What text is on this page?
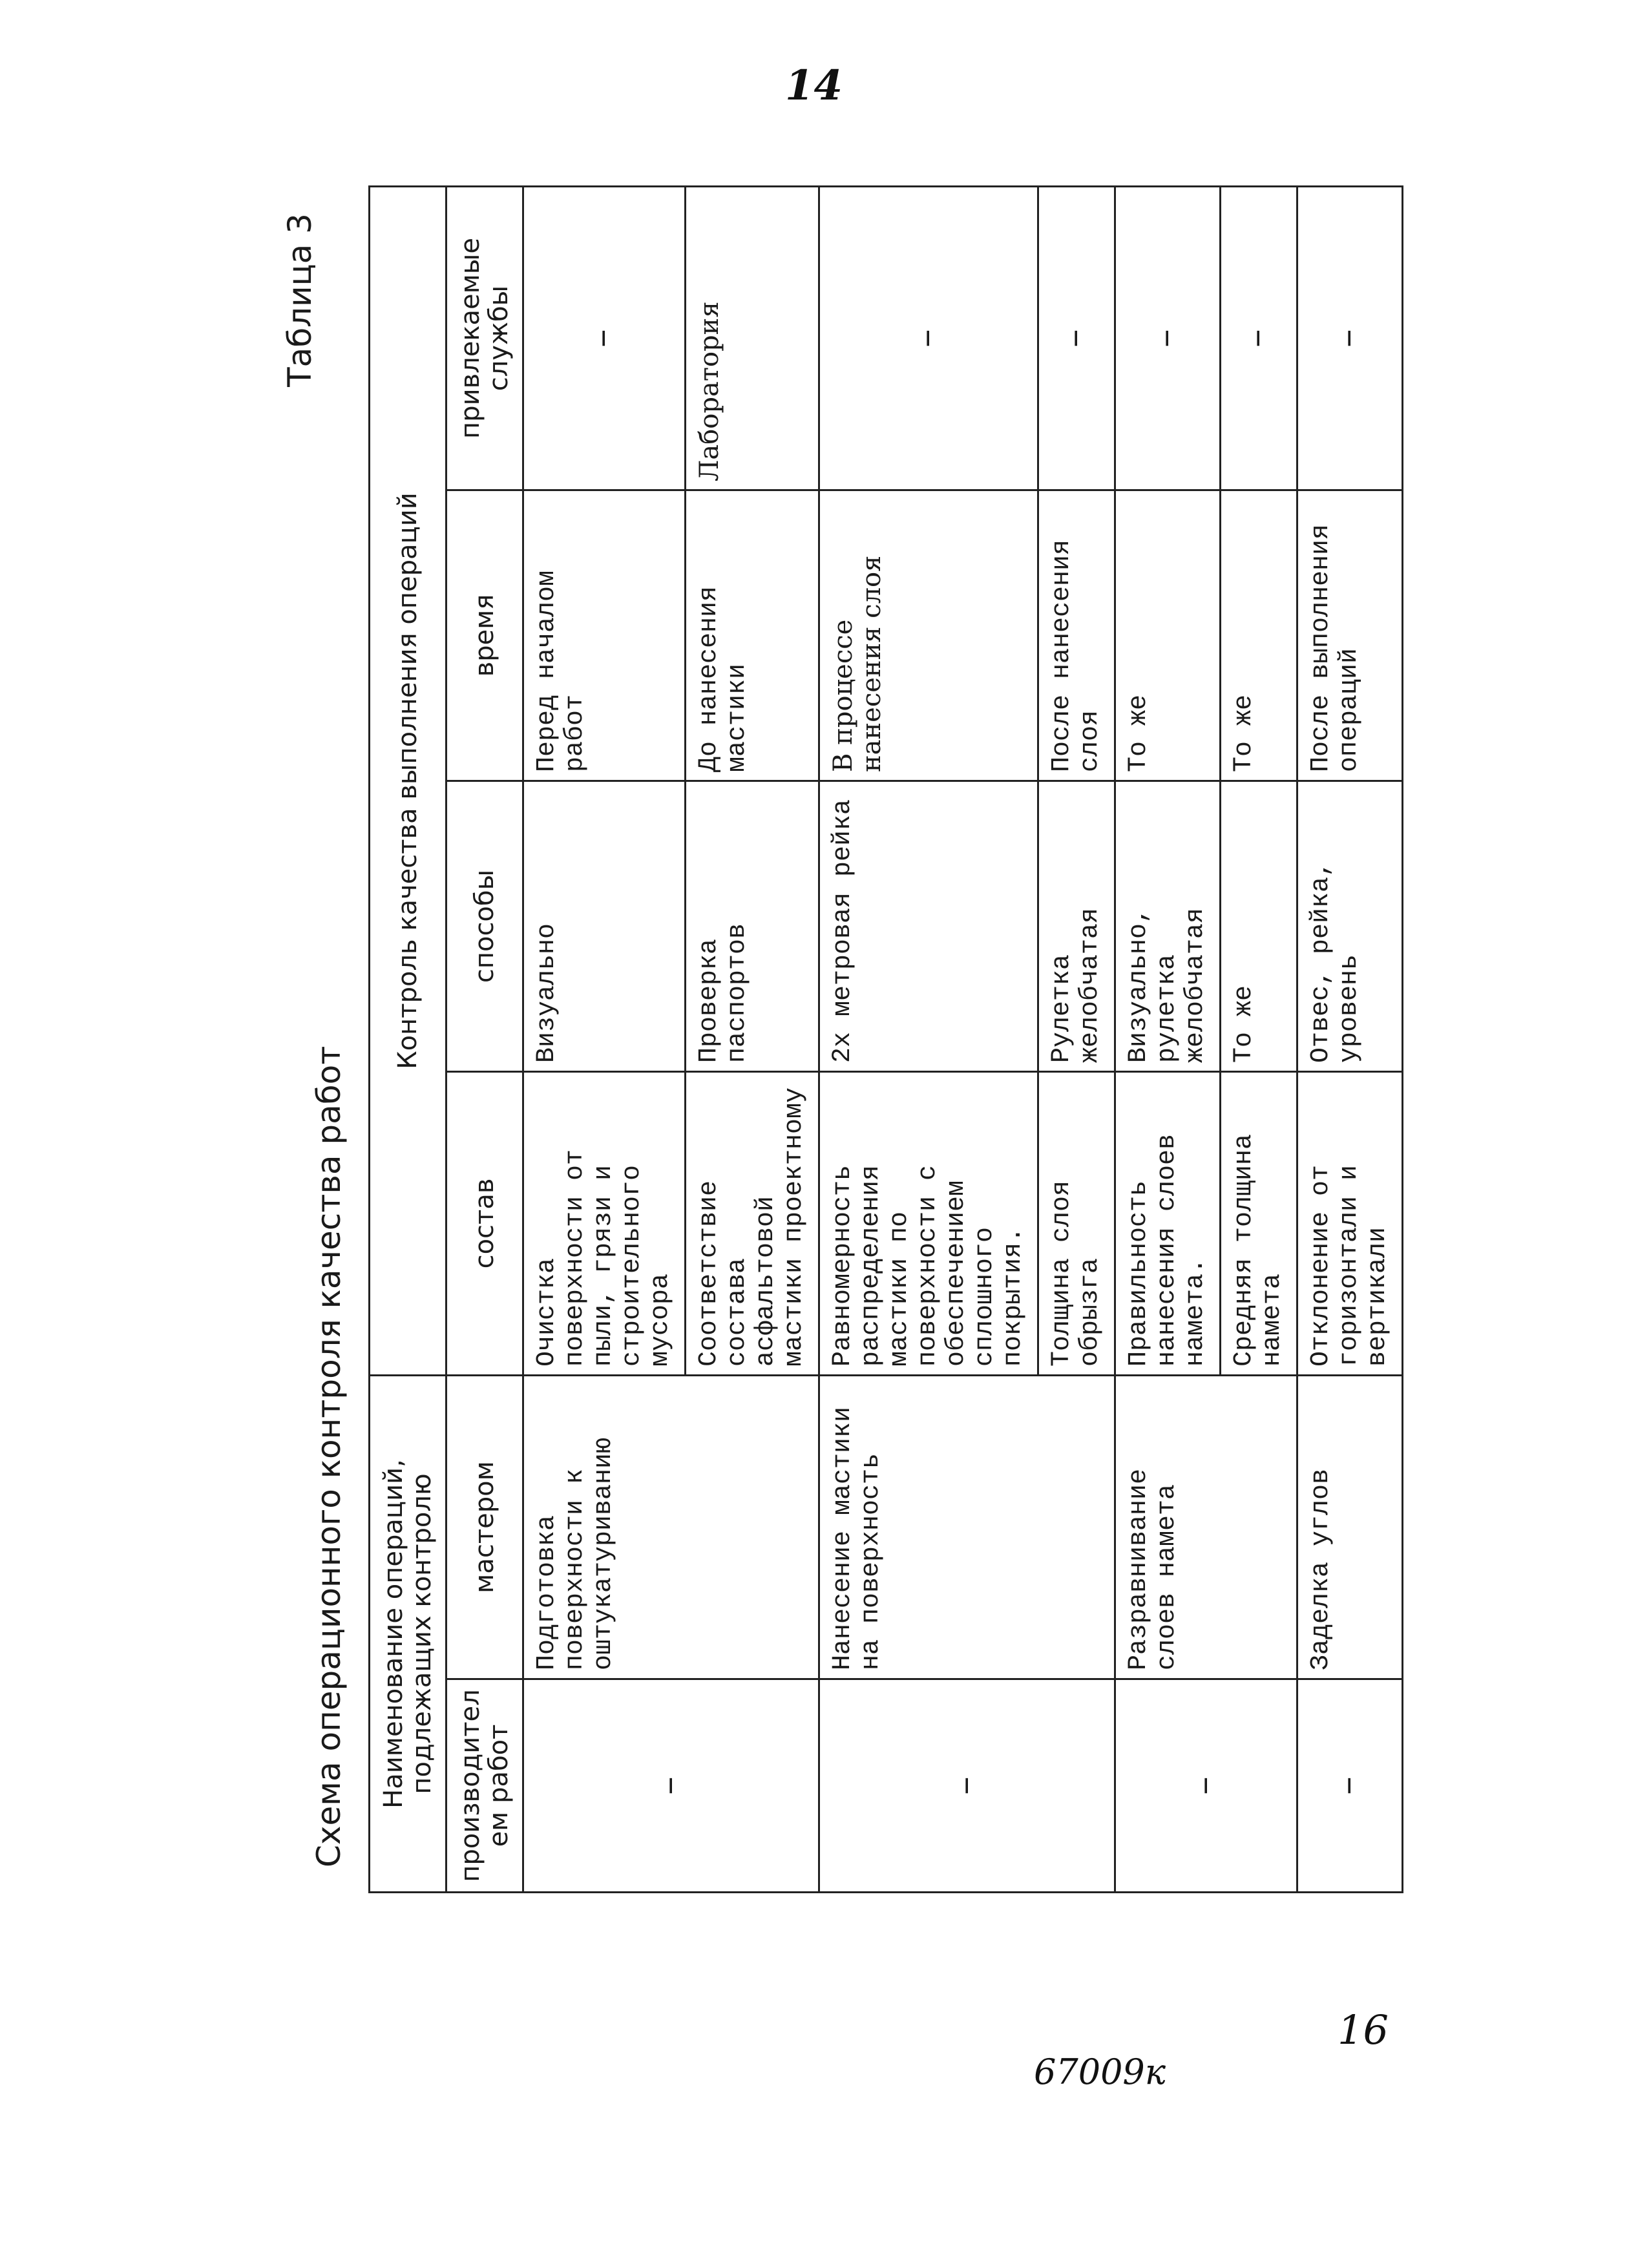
14
Схема операционного контроля качества работ
Таблица 3
Наименование операций, подлежащих контролю		Контроль качества выполнения операций			
производителем работ	мастером	состав	способы	время	привлекаемые службы
–	Подготовка поверхности к оштукатуриванию	Очистка поверхности от пыли, грязи и строительного мусора	Визуально	Перед началом работ	–
		Соответствие состава асфальтовой мастики проектному	Проверка паспортов	До нанесения мастики	Лаборатория
–	Нанесение мастики на поверхность	Равномерность распределения мастики по поверхности с обеспечением сплошного покрытия.	2х метровая рейка	В процессе нанесения слоя	–
		Толщина слоя обрызга	Рулетка желобчатая	После нанесения слоя	–
–	Разравнивание слоев намета	Правильность нанесения слоев намета.	Визуально, рулетка желобчатая	То же	–
		Средняя толщина намета	То же	То же	–
–	Заделка углов	Отклонение от горизонтали и вертикали	Отвес, рейка, уровень	После выполнения операций	–
16
67009к
